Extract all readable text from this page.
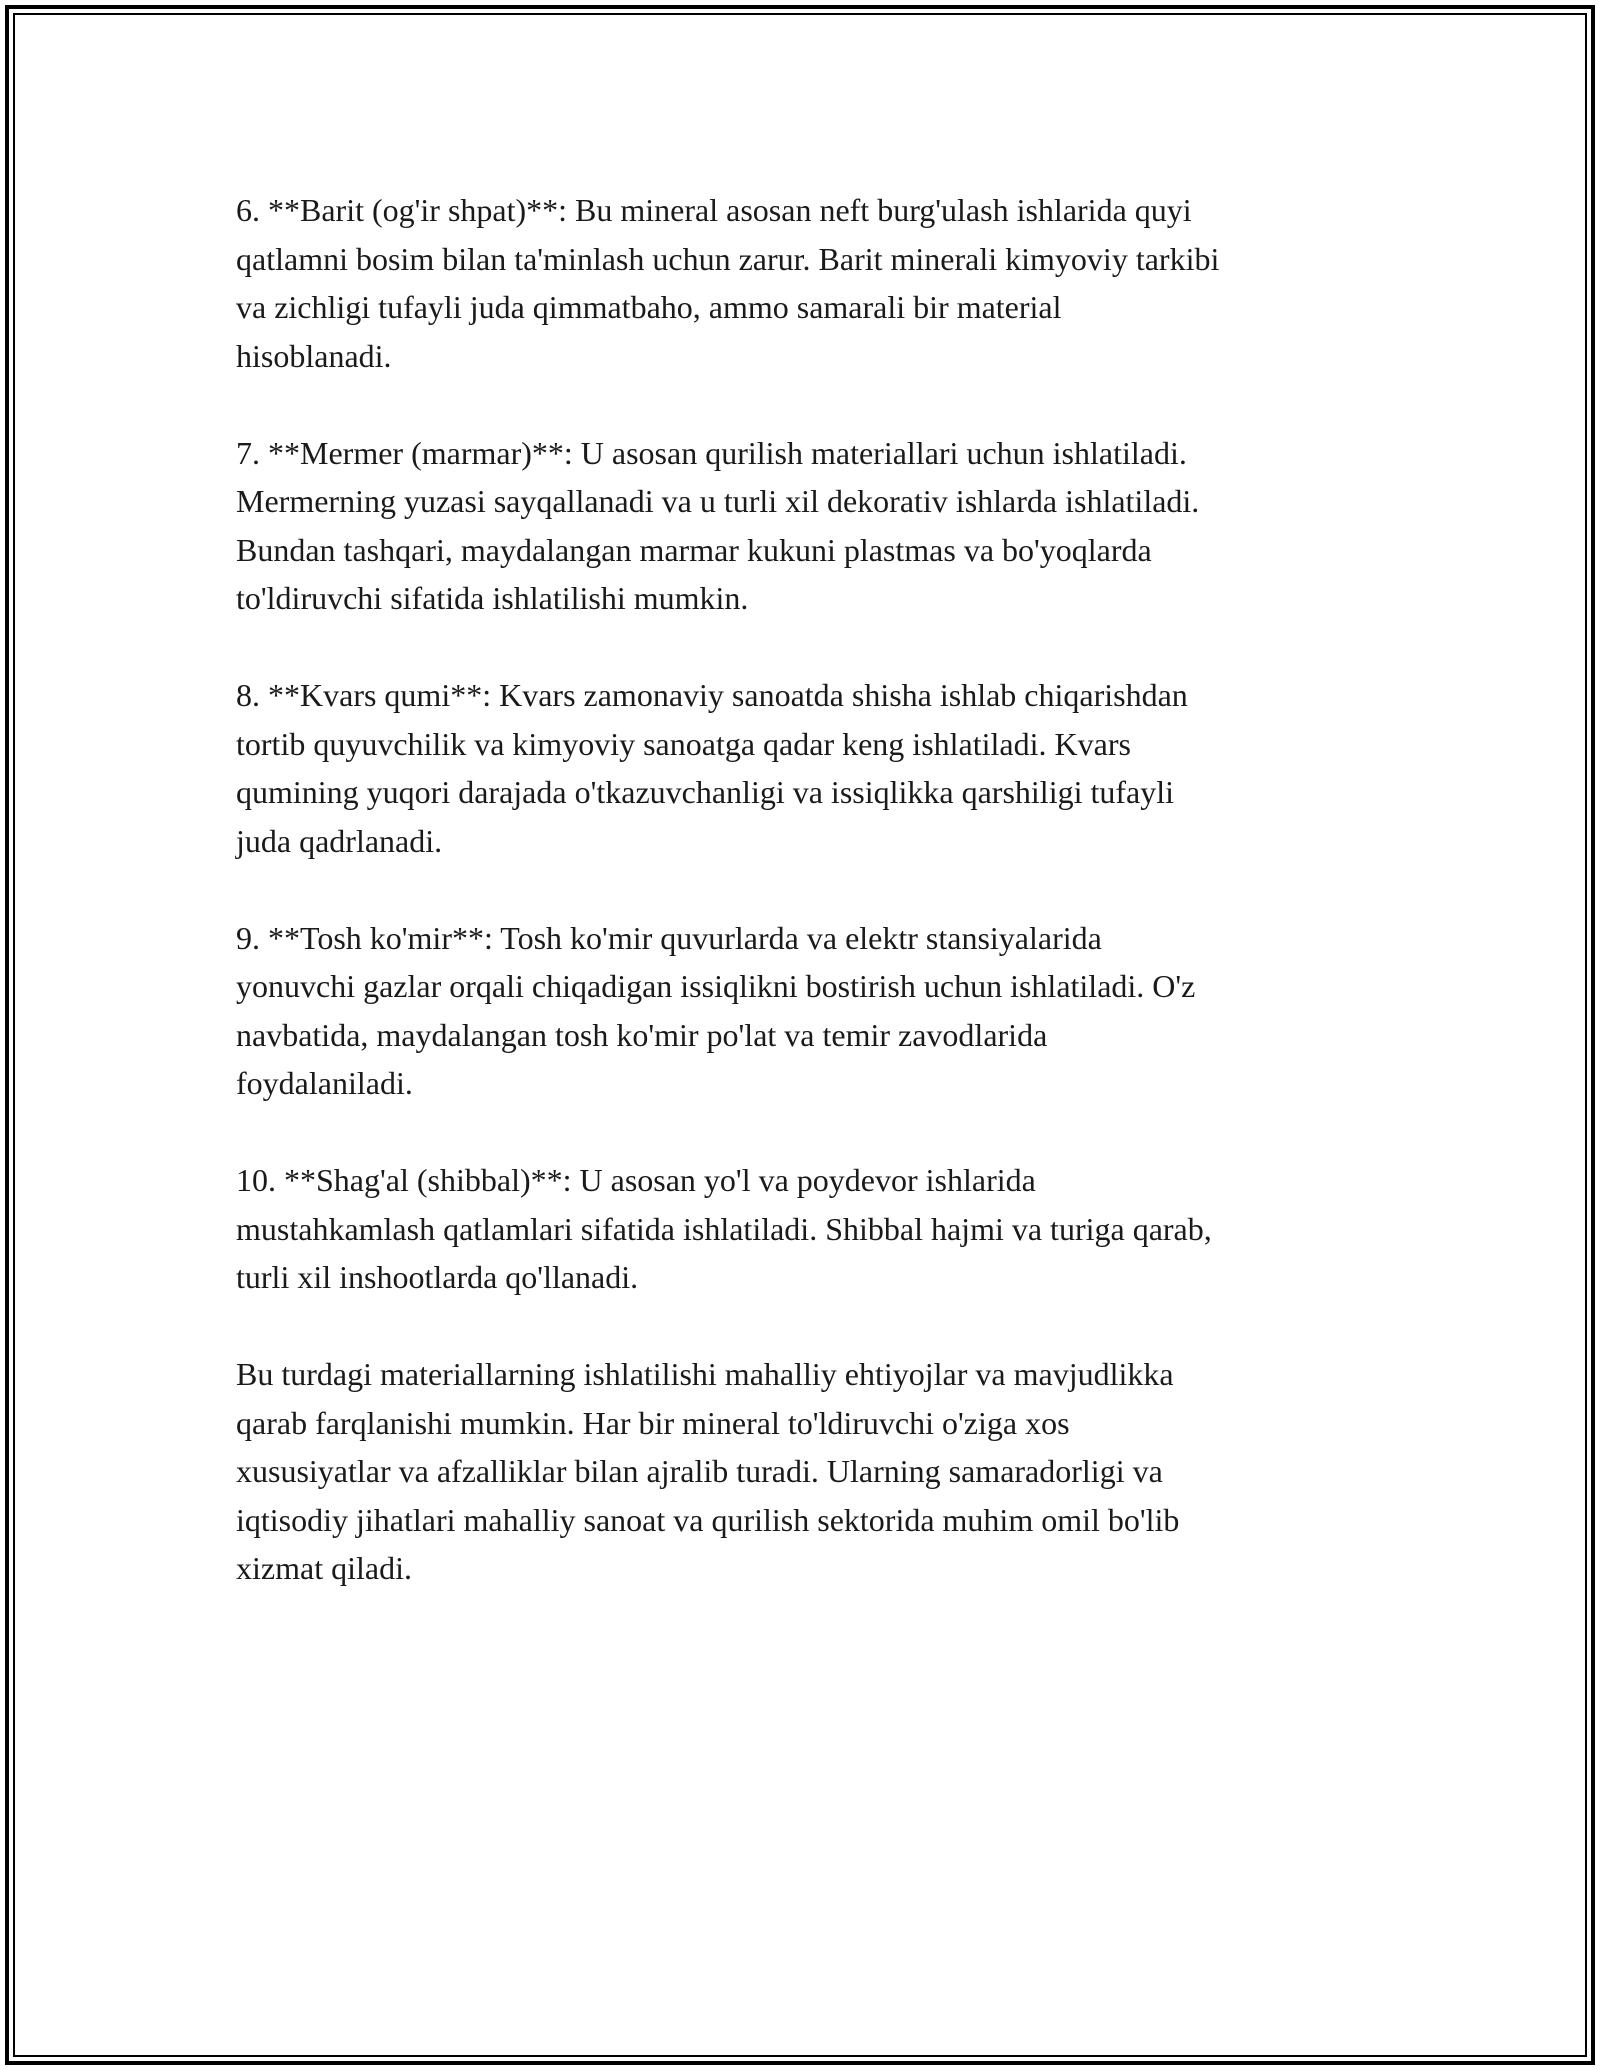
6. **Barit (og'ir shpat)**: Bu mineral asosan neft burg'ulash ishlarida quyi
qatlamni bosim bilan ta'minlash uchun zarur. Barit minerali kimyoviy tarkibi
va zichligi tufayli juda qimmatbaho, ammo samarali bir material
hisoblanadi.

7. **Mermer (marmar)**: U asosan qurilish materiallari uchun ishlatiladi.
Mermerning yuzasi sayqallanadi va u turli xil dekorativ ishlarda ishlatiladi.
Bundan tashqari, maydalangan marmar kukuni plastmas va bo'yoqlarda
to'ldiruvchi sifatida ishlatilishi mumkin.

8. **Kvars qumi**: Kvars zamonaviy sanoatda shisha ishlab chiqarishdan
tortib quyuvchilik va kimyoviy sanoatga qadar keng ishlatiladi. Kvars
qumining yuqori darajada o'tkazuvchanligi va issiqlikka qarshiligi tufayli
juda qadrlanadi.

9. **Tosh ko'mir**: Tosh ko'mir quvurlarda va elektr stansiyalarida
yonuvchi gazlar orqali chiqadigan issiqlikni bostirish uchun ishlatiladi. O'z
navbatida, maydalangan tosh ko'mir po'lat va temir zavodlarida
foydalaniladi.

10. **Shag'al (shibbal)**: U asosan yo'l va poydevor ishlarida
mustahkamlash qatlamlari sifatida ishlatiladi. Shibbal hajmi va turiga qarab,
turli xil inshootlarda qo'llanadi.

Bu turdagi materiallarning ishlatilishi mahalliy ehtiyojlar va mavjudlikka
qarab farqlanishi mumkin. Har bir mineral to'ldiruvchi o'ziga xos
xususiyatlar va afzalliklar bilan ajralib turadi. Ularning samaradorligi va
iqtisodiy jihatlari mahalliy sanoat va qurilish sektorida muhim omil bo'lib
xizmat qiladi.
